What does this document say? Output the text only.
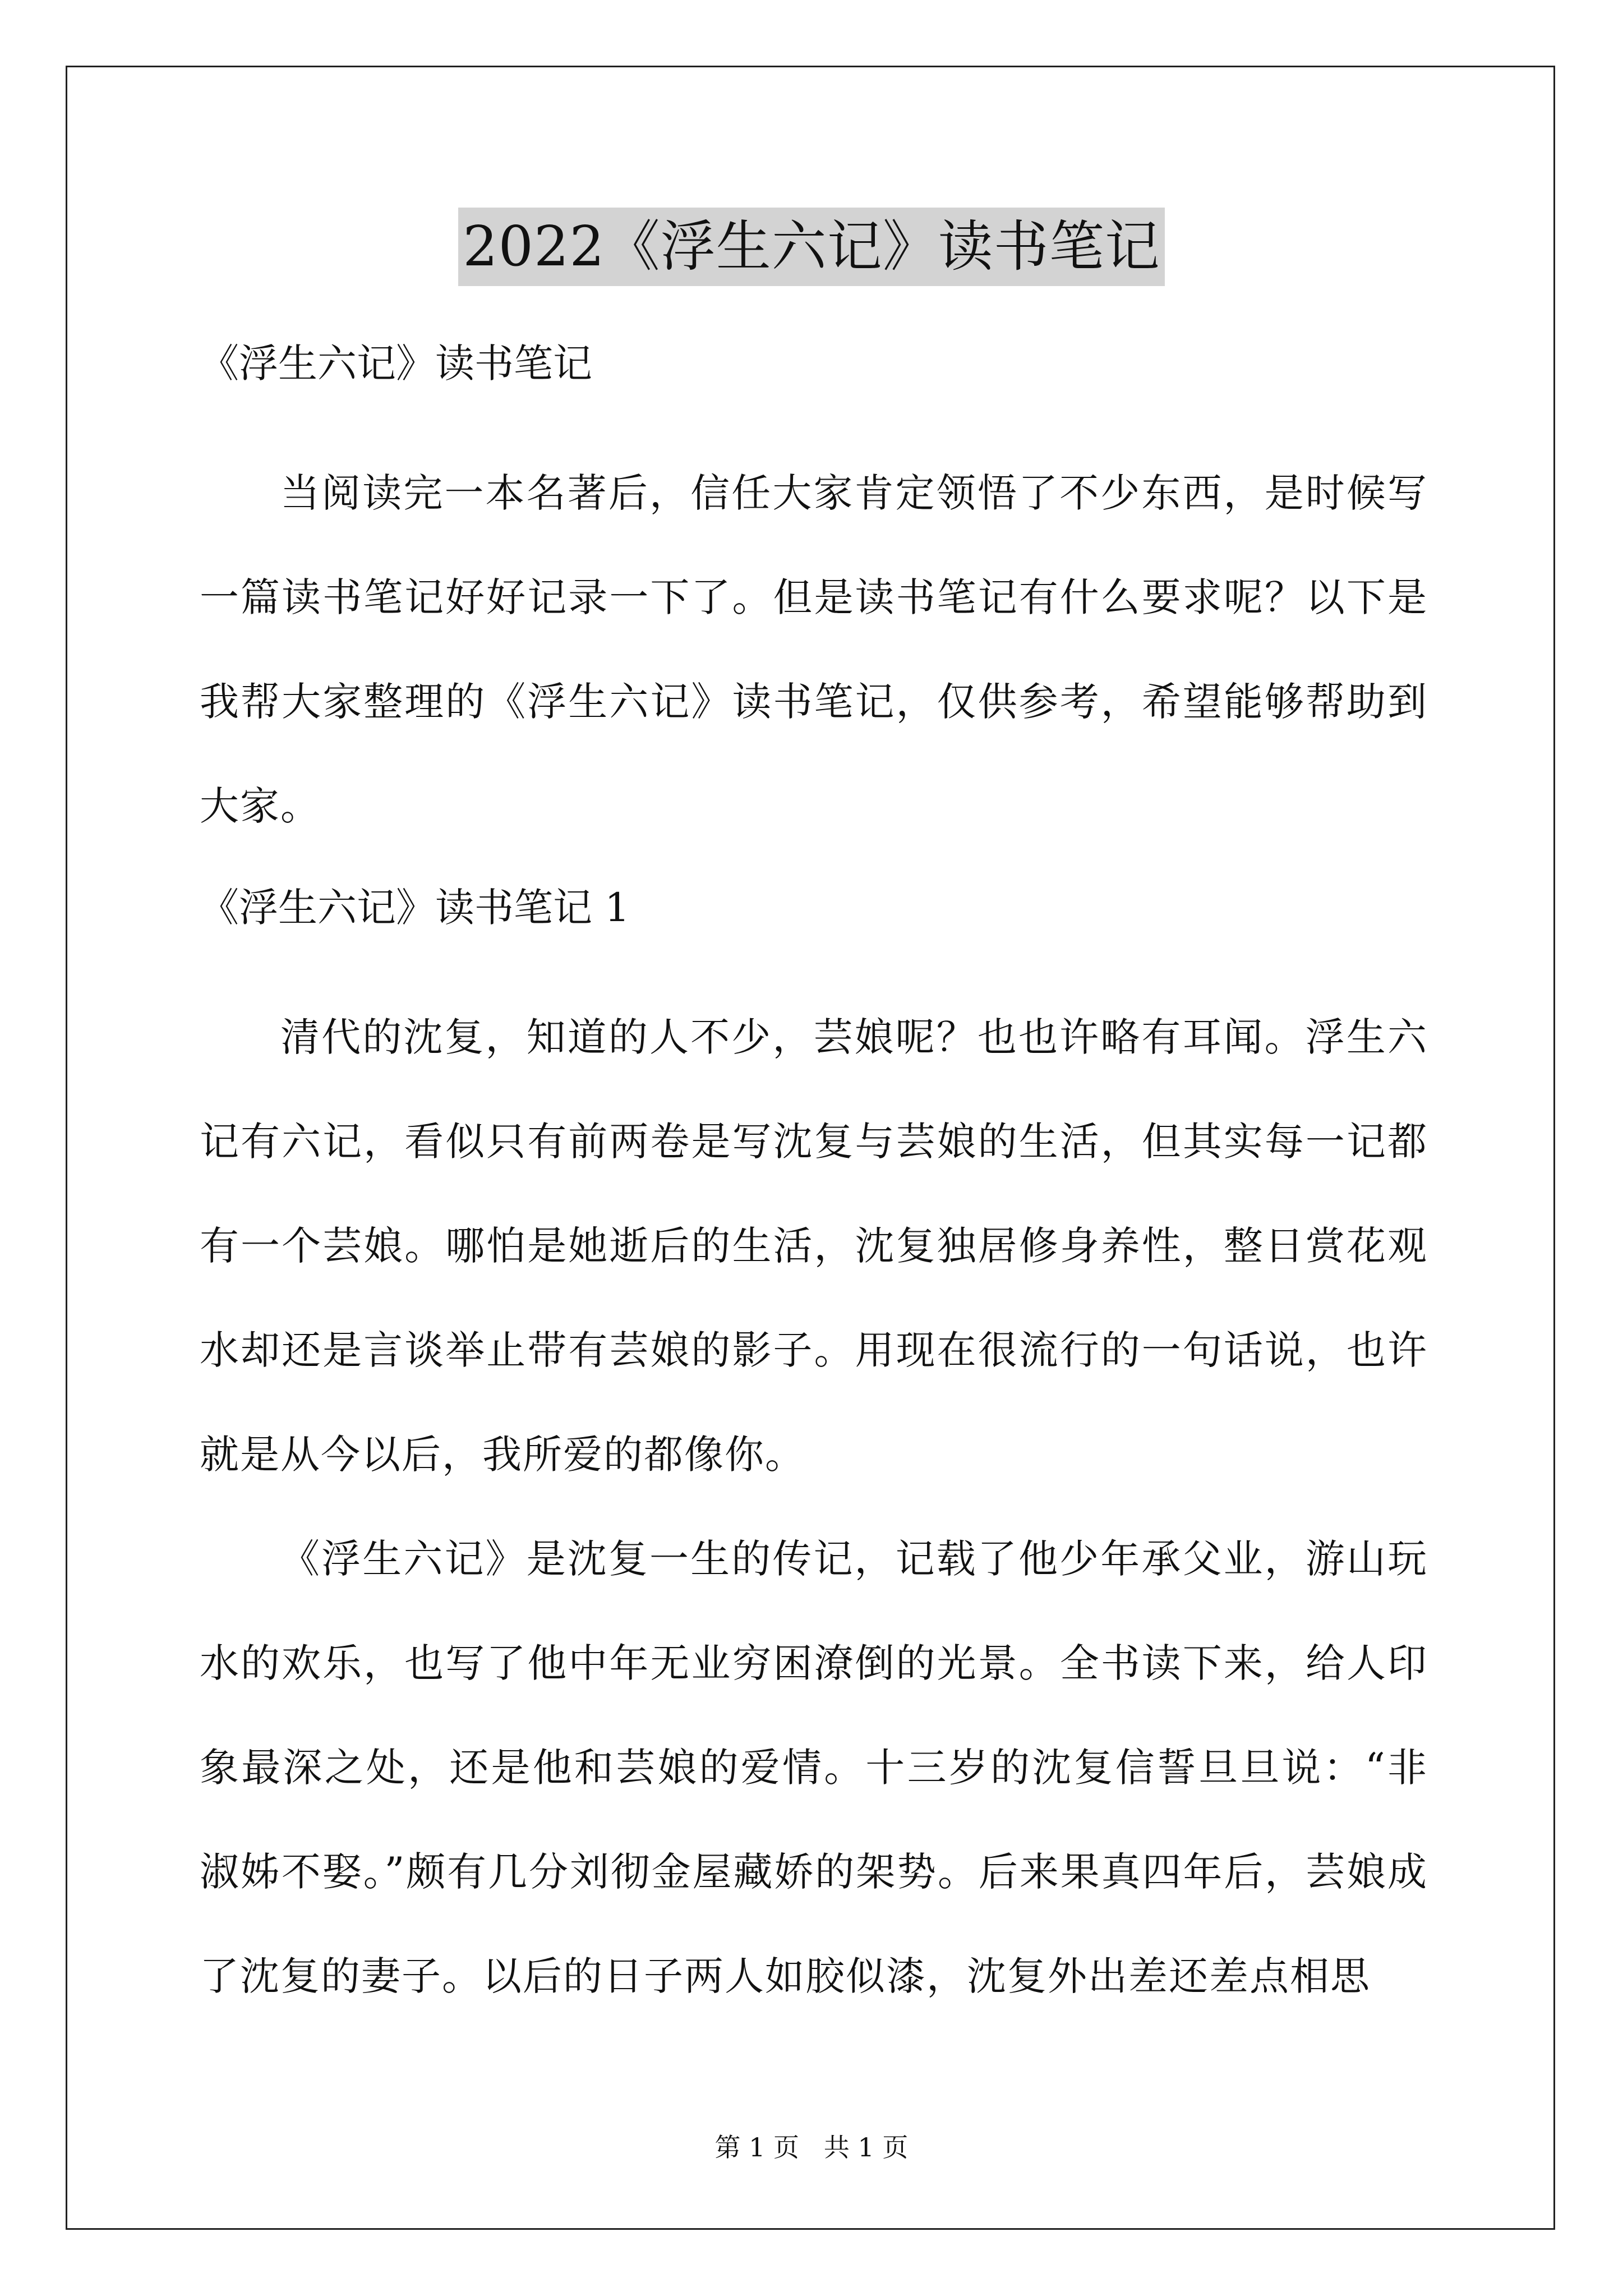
2022《浮生六记》读书笔记
《浮生六记》读书笔记

当阅读完一本名著后，信任大家肯定领悟了不少东西，是时候写一篇读书笔记好好记录一下了。但是读书笔记有什么要求呢？以下是我帮大家整理的《浮生六记》读书笔记，仅供参考，希望能够帮助到大家。

《浮生六记》读书笔记 1

清代的沈复，知道的人不少，芸娘呢？也也许略有耳闻。浮生六记有六记，看似只有前两卷是写沈复与芸娘的生活，但其实每一记都有一个芸娘。哪怕是她逝后的生活，沈复独居修身养性，整日赏花观水却还是言谈举止带有芸娘的影子。用现在很流行的一句话说，也许就是从今以后，我所爱的都像你。

《浮生六记》是沈复一生的传记，记载了他少年承父业，游山玩水的欢乐，也写了他中年无业穷困潦倒的光景。全书读下来，给人印象最深之处，还是他和芸娘的爱情。十三岁的沈复信誓旦旦说：“非淑姊不娶。”颇有几分刘彻金屋藏娇的架势。后来果真四年后，芸娘成了沈复的妻子。以后的日子两人如胶似漆，沈复外出差还差点相思

第 1 页   共 1 页
